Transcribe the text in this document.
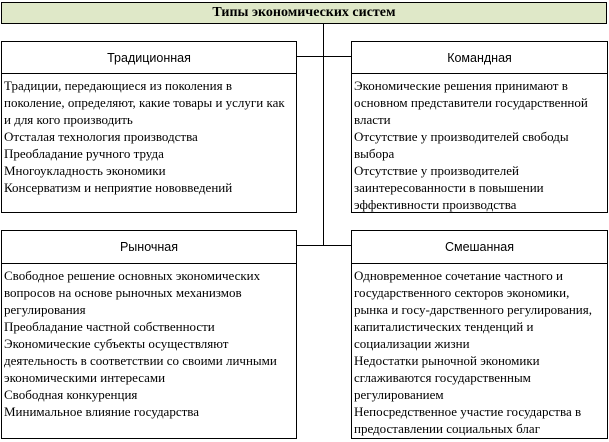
Типы экономических систем
Традиционная
Традиции, передающиеся из поколения в поколение, определяют, какие товары и услуги как и для кого производить
Отсталая технология производства
Преобладание ручного труда
Многоукладность экономики
Консерватизм и неприятие нововведений
Командная
Экономические решения принимают в основном представители государственной власти
Отсутствие у производителей свободы выбора
Отсутствие у производителей заинтересованности в повышении эффективности производства
Рыночная
Свободное решение основных экономических вопросов на основе рыночных механизмов регулирования
Преобладание частной собственности
Экономические субъекты осуществляют деятельность в соответствии со своими личными экономическими интересами
Свободная конкуренция
Минимальное влияние государства
Смешанная
Одновременное сочетание частного и государственного секторов экономики, рынка и госу-дарственного регулирования, капиталистических тенденций и социализации жизни
Недостатки рыночной экономики сглаживаются государственным регулированием
Непосредственное участие государства в предоставлении социальных благ
